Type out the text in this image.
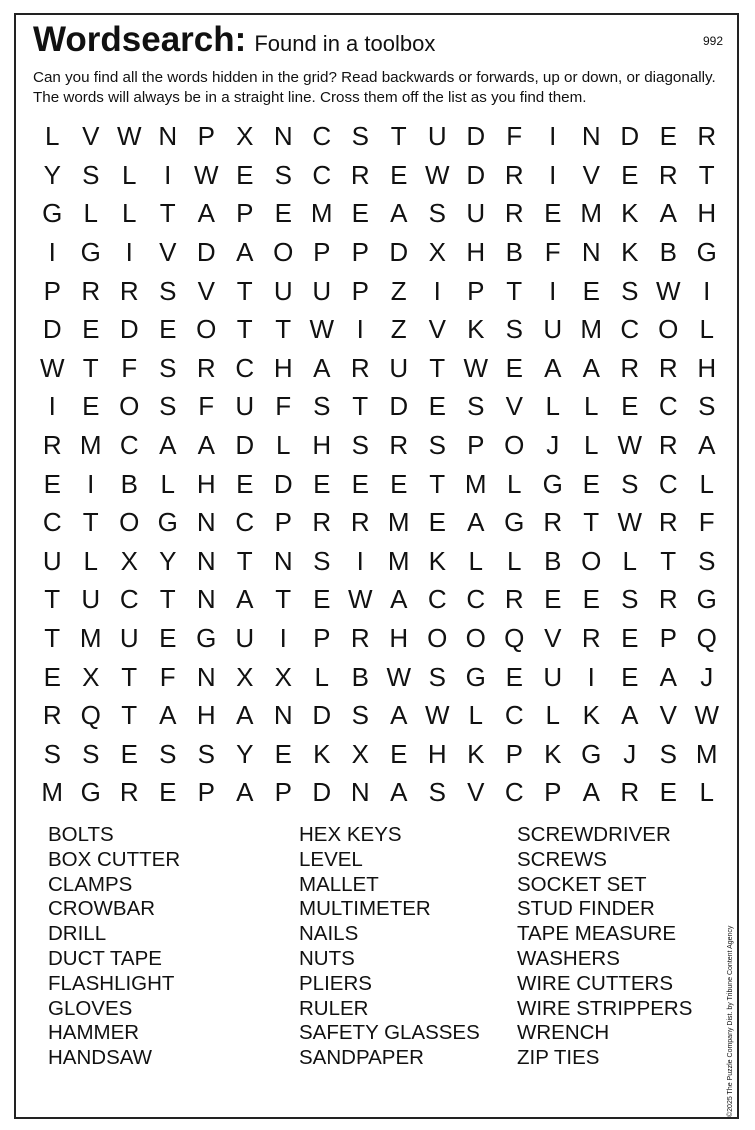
Wordsearch: Found in a toolbox	992
Can you find all the words hidden in the grid? Read backwards or forwards, up or down, or diagonally. The words will always be in a straight line. Cross them off the list as you find them.
L V W N P X N C S T U D F	I N D E R
Y S L	I W E S C R E W D R I	V E R T
G L L T A P E M E A S U R E M K A H
I G I	V D A O P P D X H B F N K B G
P R R S V T U U P Z	I	P T	I	E S W I
D E D E O T T W I	Z V K S U M C O L
W T F S R C H A R U T W E A A R R H
I	E O S F U F S T D E S V L L E C S
R M C A A D L H S R S P O J L W R A
E	I	B L H E D E E E T M L G E S C L
C T O G N C P R R M E A G R T W R F
U L X Y N T N S	I M K L L B O L T S
T U C T N A T E W A C C R E E S R G
T M U E G U I	P R H O O Q V R E P Q
E X T F N X X L B W S G E U I	E A J
R Q T A H A N D S A W L C L K A V W
S S E S S Y E K X E H K P K G J S M
M G R E P A P D N A S V C P A R E L
BOLTS
BOX CUTTER
CLAMPS
CROWBAR
DRILL
DUCT TAPE
FLASHLIGHT
GLOVES
HAMMER
HANDSAW
HEX KEYS
LEVEL
MALLET
MULTIMETER
NAILS
NUTS
PLIERS
RULER
SAFETY GLASSES
SANDPAPER
SCREWDRIVER
SCREWS
SOCKET SET
STUD FINDER
TAPE MEASURE
WASHERS
WIRE CUTTERS
WIRE STRIPPERS
WRENCH
ZIP TIES	©2025 The Puzzle Company Dist. by Tribune Content Agency
